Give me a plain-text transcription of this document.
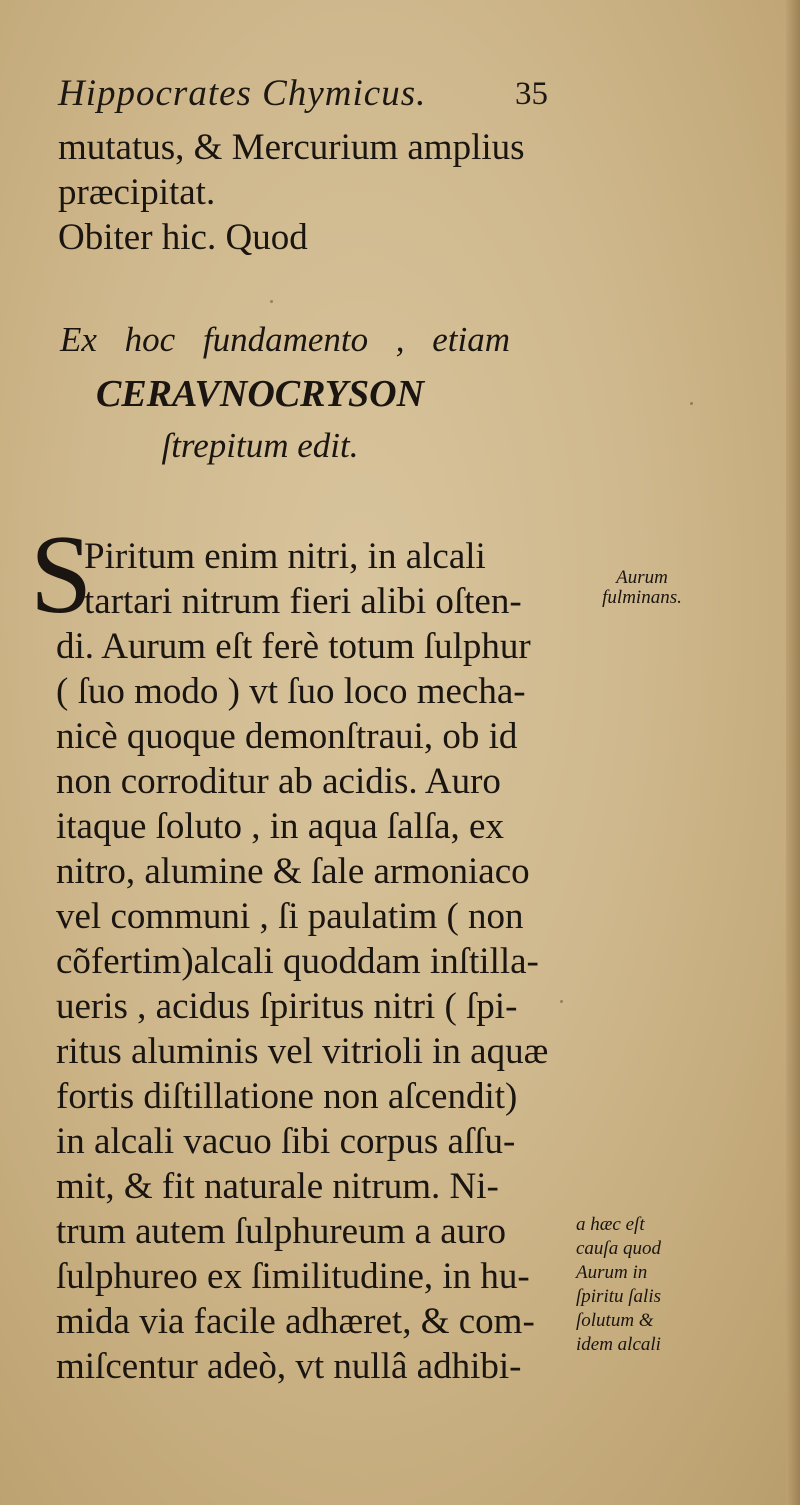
Hippocrates Chymicus.	35
mutatus, & Mercurium amplius
præcipitat.
Obiter hic. Quod
Ex hoc fundamento , etiam
CERAVNOCRYSON
ſtrepitum edit.
S
Piritum enim nitri, in alcali
tartari nitrum fieri alibi oſten-
di. Aurum eſt ferè totum ſulphur
( ſuo modo ) vt ſuo loco mecha-
nicè quoque demonſtraui, ob id
non corroditur ab acidis. Auro
itaque ſoluto , in aqua ſalſa, ex
nitro, alumine & ſale armoniaco
vel communi , ſi paulatim ( non
cõfertim)alcali quoddam inſtilla-
ueris , acidus ſpiritus nitri ( ſpi-
ritus aluminis vel vitrioli in aquæ
fortis diſtillatione non aſcendit)
in alcali vacuo ſibi corpus aſſu-
mit, & fit naturale nitrum. Ni-
trum autem ſulphureum a auro
ſulphureo ex ſimilitudine, in hu-
mida via facile adhæret, & com-
miſcentur adeò, vt nullâ adhibi-
Aurum
fulminans.
a hæc eſt
cauſa quod
Aurum in
ſpiritu ſalis
ſolutum &
idem alcali
